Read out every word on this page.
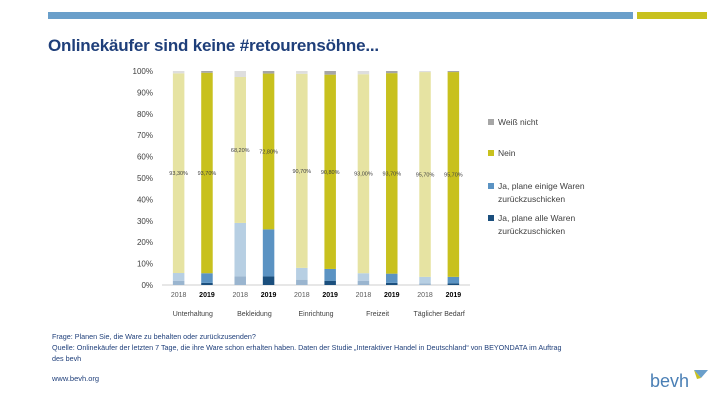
Onlinekäufer sind keine #retourensöhne...
0%
10%
20%
30%
40%
50%
60%
70%
80%
90%
100%
93,30%
2018
93,70%
2019
68,20%
2018
72,80%
2019
90,70%
2018
90,80%
2019
93,00%
2018
93,70%
2019
95,70%
2018
95,70%
2019
Unterhaltung	Bekleidung	Einrichtung	Freizeit	Täglicher Bedarf
Weiß nicht
Nein
Ja, plane einige Waren
zurückzuschicken
Ja, plane alle Waren
zurückzuschicken
Frage: Planen Sie, die Ware zu behalten oder zurückzusenden?
Quelle: Onlinekäufer der letzten 7 Tage, die ihre Ware schon erhalten haben. Daten der Studie „Interaktiver Handel in Deutschland“ von BEYONDATA im Auftrag
des bevh
www.bevh.org	bevh
